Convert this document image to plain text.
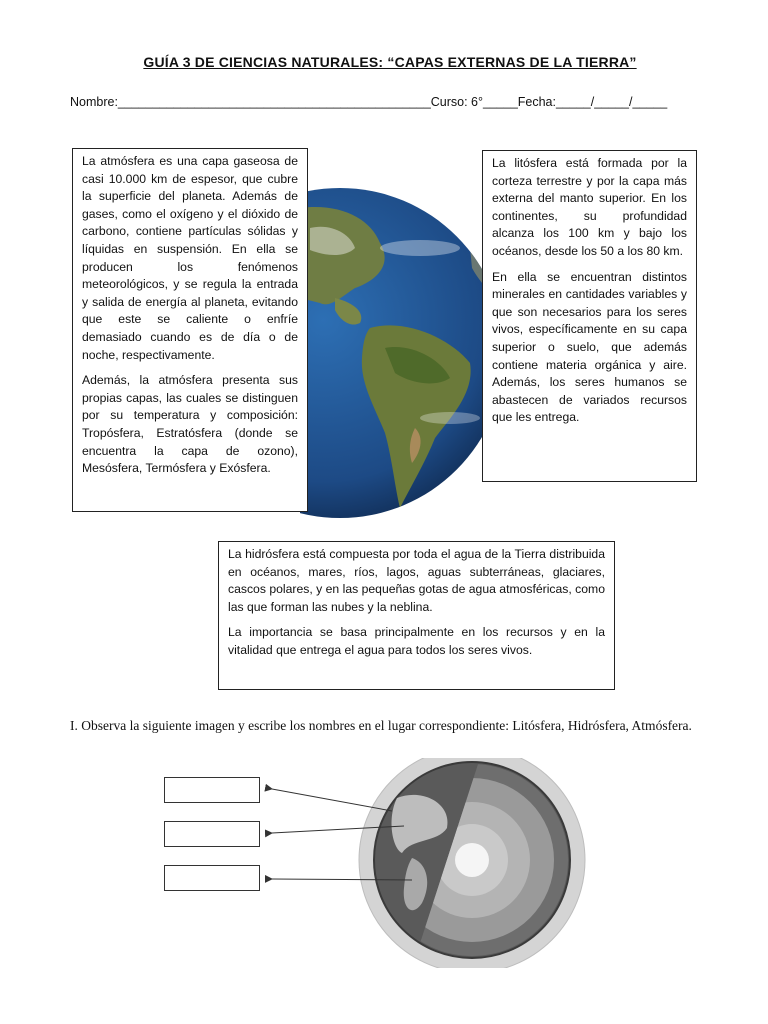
GUÍA 3 DE CIENCIAS NATURALES: “CAPAS EXTERNAS DE LA TIERRA”
Nombre:_____________________________________________Curso: 6°_____Fecha:_____/_____/_____

La atmósfera es una capa gaseosa de casi 10.000 km de espesor, que cubre la superficie del planeta. Además de gases, como el oxígeno y el dióxido de carbono, contiene partículas sólidas y líquidas en suspensión. En ella se producen los fenómenos meteorológicos, y se regula la entrada y salida de energía al planeta, evitando que este se caliente o enfríe demasiado cuando es de día o de noche, respectivamente.

Además, la atmósfera presenta sus propias capas, las cuales se distinguen por su temperatura y composición: Tropósfera, Estratósfera (donde se encuentra la capa de ozono), Mesósfera, Termósfera y Exósfera.

La litósfera está formada por la corteza terrestre y por la capa más externa del manto superior. En los continentes, su profundidad alcanza los 100 km y bajo los océanos, desde los 50 a los 80 km.

En ella se encuentran distintos minerales en cantidades variables y que son necesarios para los seres vivos, específicamente en su capa superior o suelo, que además contiene materia orgánica y aire. Además, los seres humanos se abastecen de variados recursos que les entrega.

La hidrósfera está compuesta por toda el agua de la Tierra distribuida en océanos, mares, ríos, lagos, aguas subterráneas, glaciares, cascos polares, y en las pequeñas gotas de agua atmosféricas, como las que forman las nubes y la neblina.

La importancia se basa principalmente en los recursos y en la vitalidad que entrega el agua para todos los seres vivos.

I. Observa la siguiente imagen y escribe los nombres en el lugar correspondiente: Litósfera, Hidrósfera, Atmósfera.
